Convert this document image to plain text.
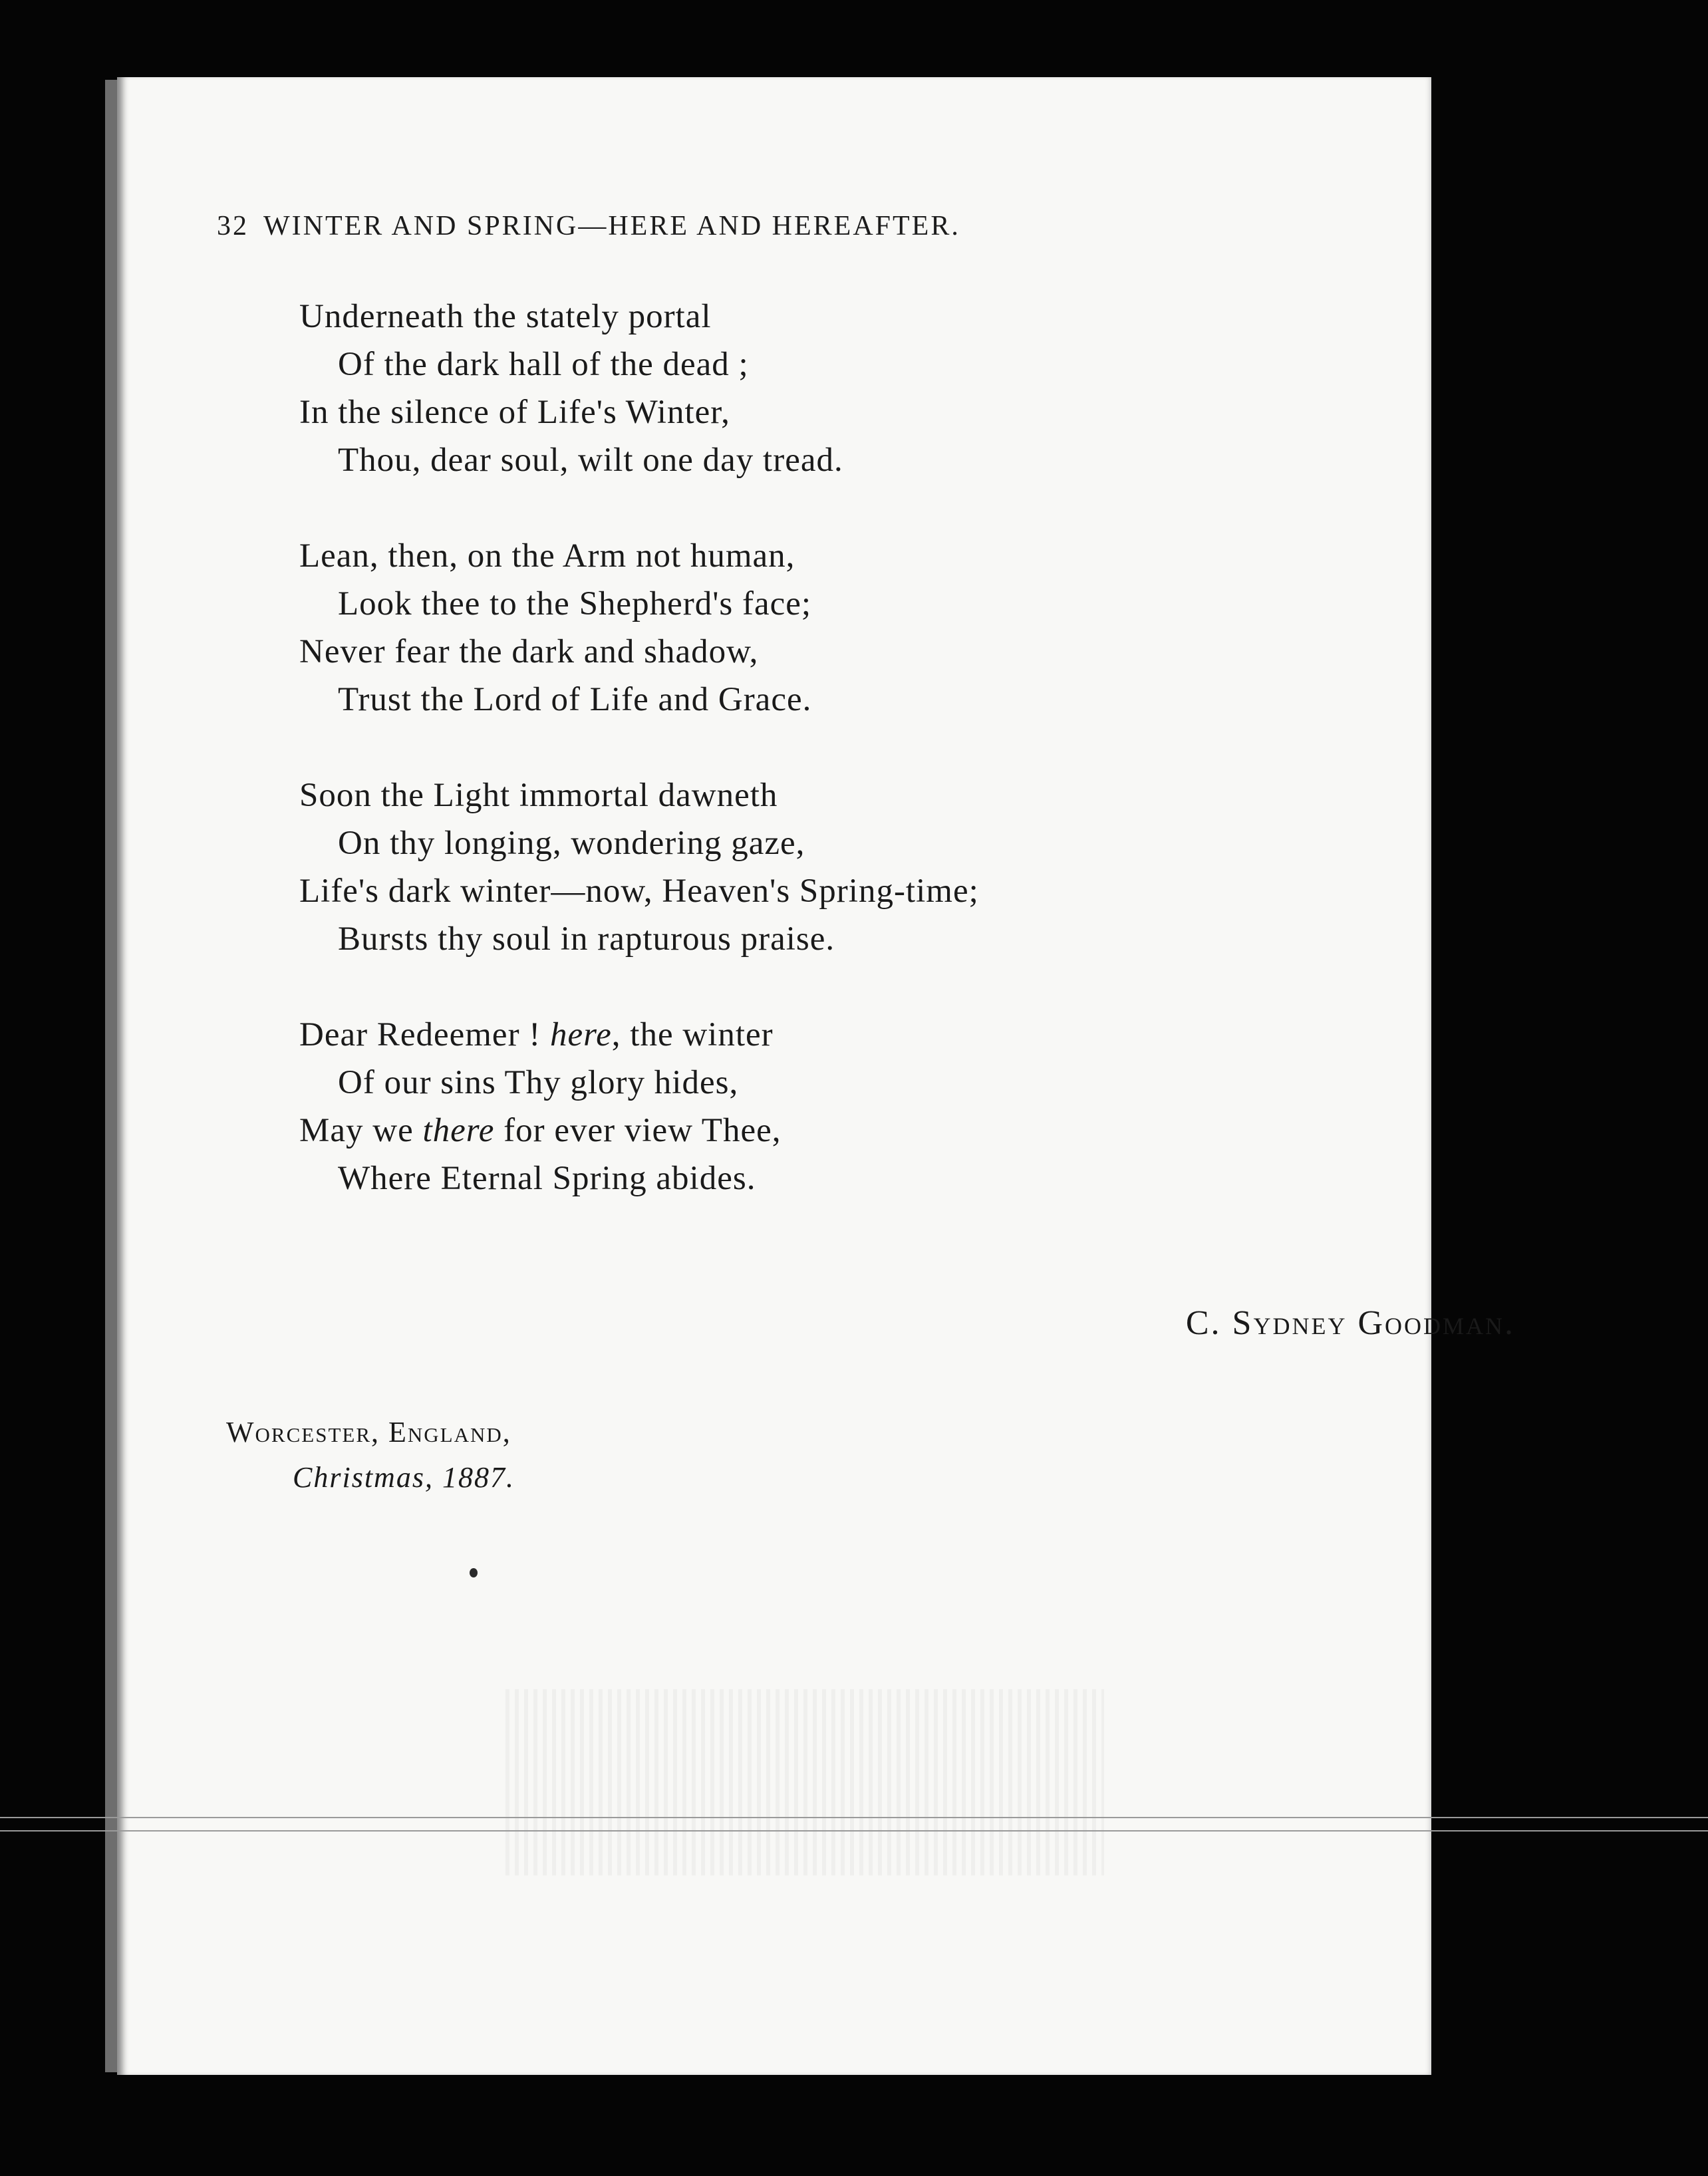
32 WINTER AND SPRING—HERE AND HEREAFTER.
Underneath the stately portal
Of the dark hall of the dead ;
In the silence of Life's Winter,
Thou, dear soul, wilt one day tread.
Lean, then, on the Arm not human,
Look thee to the Shepherd's face;
Never fear the dark and shadow,
Trust the Lord of Life and Grace.
Soon the Light immortal dawneth
On thy longing, wondering gaze,
Life's dark winter—now, Heaven's Spring-time;
Bursts thy soul in rapturous praise.
Dear Redeemer ! here, the winter
Of our sins Thy glory hides,
May we there for ever view Thee,
Where Eternal Spring abides.
C. Sydney Goodman.
Worcester, England,
Christmas, 1887.
